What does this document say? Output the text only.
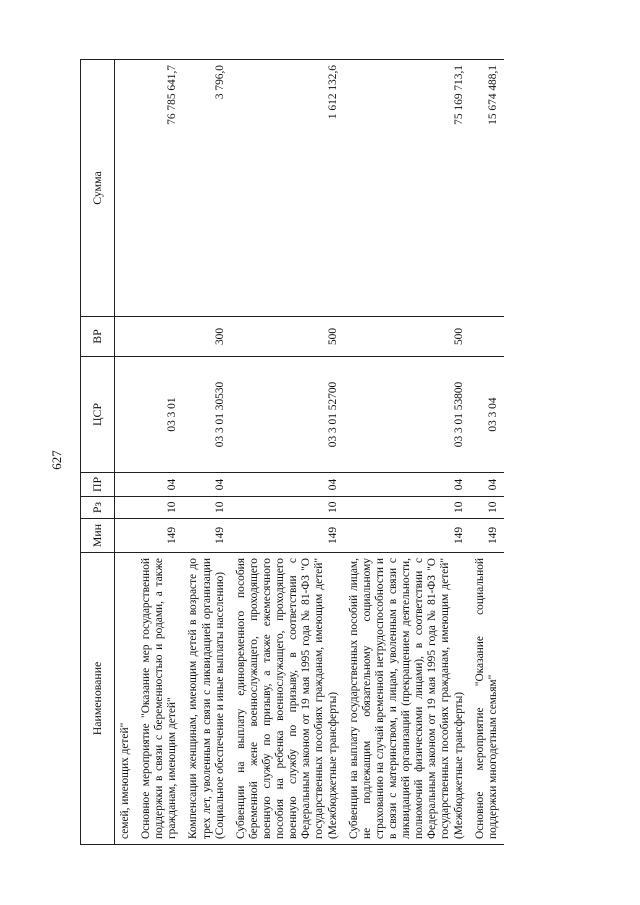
627
Наименование	Мин	Рз	ПР	ЦСР	ВР	Сумма
семей, имеющих детей"						
Основное мероприятие "Оказание мер государственной поддержки в связи с беременностью и родами, а также гражданам, имеющим детей"	149	10	04	03 3 01		76 785 641,7
Компенсации женщинам, имеющим детей в возрасте до трех лет, уволенным в связи с ликвидацией организации (Социальное обеспечение и иные выплаты населению)	149	10	04	03 3 01 30530	300	3 796,0
Субвенции на выплату единовременного пособия беременной жене военнослужащего, проходящего военную службу по призыву, а также ежемесячного пособия на ребенка военнослужащего, проходящего военную службу по призыву, в соответствии с Федеральным законом от 19 мая 1995 года № 81-ФЗ "О государственных пособиях гражданам, имеющим детей" (Межбюджетные трансферты)	149	10	04	03 3 01 52700	500	1 612 132,6
Субвенции на выплату государственных пособий лицам, не подлежащим обязательному социальному страхованию на случай временной нетрудоспособности и в связи с материнством, и лицам, уволенным в связи с ликвидацией организаций (прекращением деятельности, полномочий физическими лицами), в соответствии с Федеральным законом от 19 мая 1995 года № 81-ФЗ "О государственных пособиях гражданам, имеющим детей" (Межбюджетные трансферты)	149	10	04	03 3 01 53800	500	75 169 713,1
Основное мероприятие "Оказание социальной поддержки многодетным семьям"	149	10	04	03 3 04		15 674 488,1
